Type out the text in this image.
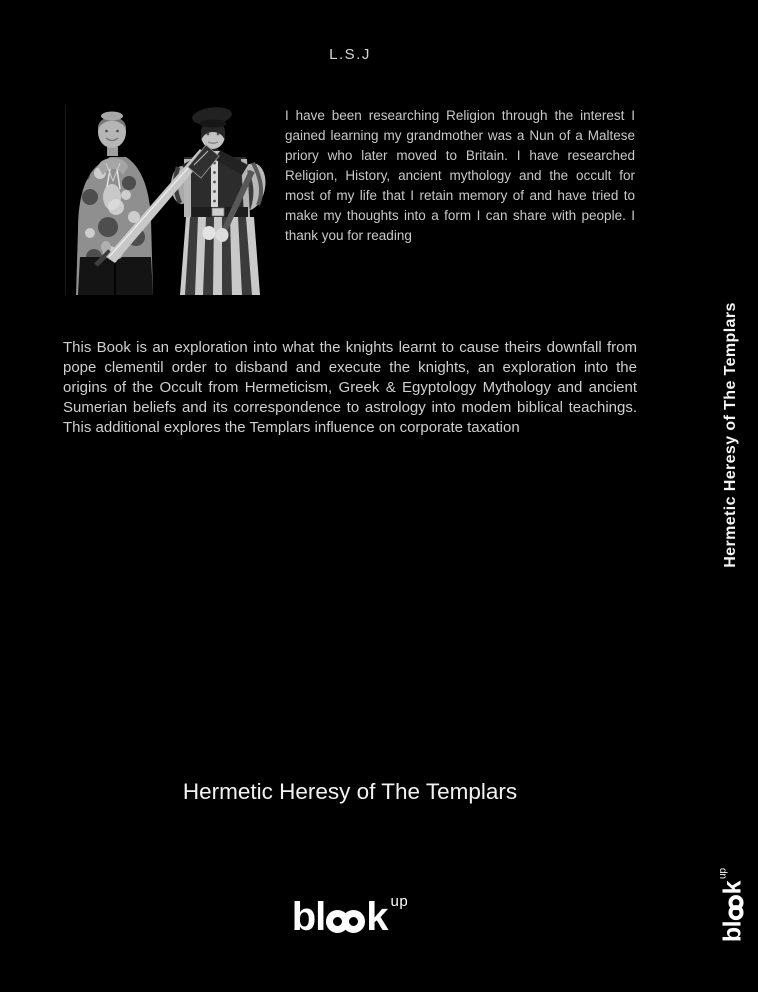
L.S.J

I have been researching Religion through the interest I gained learning my grandmother was a Nun of a Maltese priory who later moved to Britain. I have researched Religion, History, ancient mythology and the occult for most of my life that I retain memory of and have tried to make my thoughts into a form I can share with people. I thank you for reading

This Book is an exploration into what the knights learnt to cause theirs downfall from pope clementil order to disband and execute the knights, an exploration into the origins of the Occult from Hermeticism, Greek & Egyptology Mythology and ancient Sumerian beliefs and its correspondence to astrology into modem biblical teachings. This additional explores the Templars influence on corporate taxation	Hermetic Heresy of The Templars
Hermetic Heresy of The Templars
bl k up
bl
k
up
